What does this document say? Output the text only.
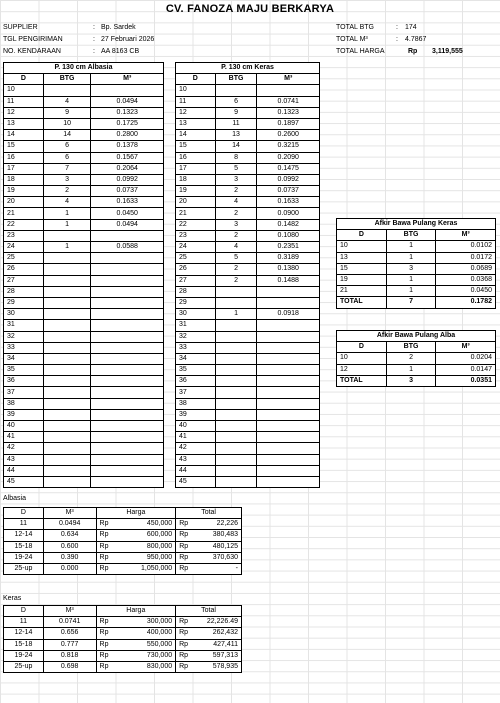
CV. FANOZA MAJU BERKARYA
SUPPLIER	: Bp. Sardek
TGL PENGIRIMAN	: 27 Februari 2026
NO. KENDARAAN	: AA 8163 CB
TOTAL BTG	: 174
TOTAL M³	: 4.7867
TOTAL HARGA	Rp 3,119,555
P. 130 cm Albasia		
D	BTG	M³
10		
11	4	0.0494
12	9	0.1323
13	10	0.1725
14	14	0.2800
15	6	0.1378
16	6	0.1567
17	7	0.2064
18	3	0.0992
19	2	0.0737
20	4	0.1633
21	1	0.0450
22	1	0.0494
23		
24	1	0.0588
25		
26		
27		
28		
29		
30		
31		
32		
33		
34		
35		
36		
37		
38		
39		
40		
41		
42		
43		
44		
45		
P. 130 cm Keras		
D	BTG	M³
10		
11	6	0.0741
12	9	0.1323
13	11	0.1897
14	13	0.2600
15	14	0.3215
16	8	0.2090
17	5	0.1475
18	3	0.0992
19	2	0.0737
20	4	0.1633
21	2	0.0900
22	3	0.1482
23	2	0.1080
24	4	0.2351
25	5	0.3189
26	2	0.1380
27	2	0.1488
28		
29		
30	1	0.0918
31		
32		
33		
34		
35		
36		
37		
38		
39		
40		
41		
42		
43		
44		
45		
Afkir Bawa Pulang Keras		
D	BTG	M³
10	1	0.0102
13	1	0.0172
15	3	0.0689
19	1	0.0368
21	1	0.0450
TOTAL	7	0.1782
Afkir Bawa Pulang Alba		
D	BTG	M³
10	2	0.0204
12	1	0.0147
TOTAL	3	0.0351
Albasia
D	M³	Harga		Total	
11	0.0494	Rp	450,000	Rp	22,226
12-14	0.634	Rp	600,000	Rp	380,483
15-18	0.600	Rp	800,000	Rp	480,125
19-24	0.390	Rp	950,000	Rp	370,630
25-up	0.000	Rp	1,050,000	Rp	-
Keras
D	M³	Harga		Total	
11	0.0741	Rp	300,000	Rp	22,226.49
12-14	0.656	Rp	400,000	Rp	262,432
15-18	0.777	Rp	550,000	Rp	427,411
19-24	0.818	Rp	730,000	Rp	597,313
25-up	0.698	Rp	830,000	Rp	578,935
